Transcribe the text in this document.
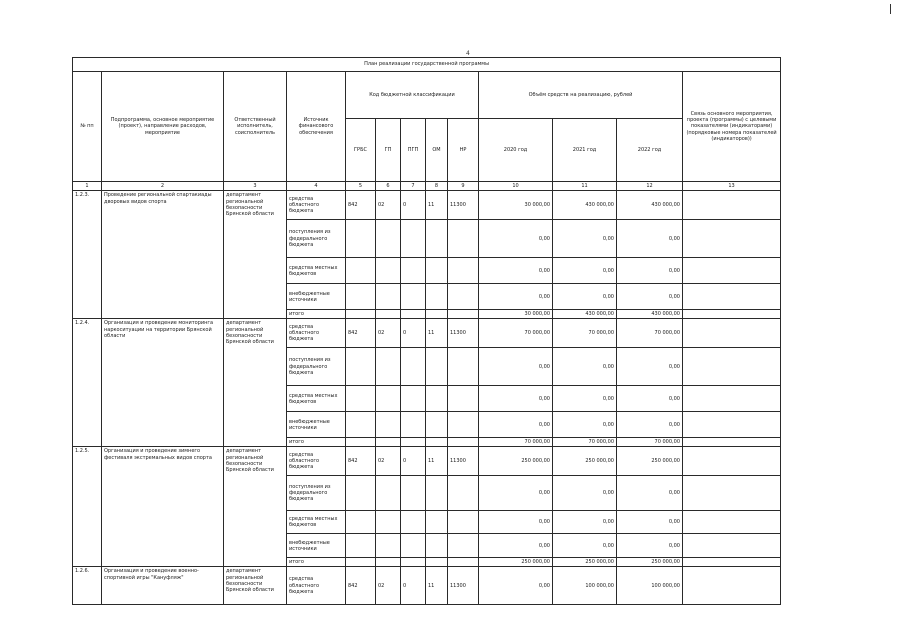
4
План реализации государственной программы												
№ пп	Подпрограмма, основное мероприятие (проект), направление расходов, мероприятие	Ответственный исполнитель, соисполнитель	Источник финансового обеспечения	Код бюджетной классификации					Объём средств на реализацию, рублей			Связь основного мероприятия, проекта (программы) с целевыми показателями (индикаторами) (порядковые номера показателей (индикаторов))
				ГРБС	ГП	ПГП	ОМ	НР	2020 год	2021 год	2022 год	
1	2	3	4	5	6	7	8	9	10	11	12	13
1.2.3.	Проведение региональной спартакиады дворовых видов спорта	департамент региональной безопасности Брянской области	средства областного бюджета	842	02	0	11	11300	30 000,00	430 000,00	430 000,00	
			поступления из федерального бюджета						0,00	0,00	0,00	
			средства местных бюджетов						0,00	0,00	0,00	
			внебюджетные источники						0,00	0,00	0,00	
			итого						30 000,00	430 000,00	430 000,00	
1.2.4.	Организация и проведение мониторинга наркоситуации на территории Брянской области	департамент региональной безопасности Брянской области	средства областного бюджета	842	02	0	11	11300	70 000,00	70 000,00	70 000,00	
			поступления из федерального бюджета						0,00	0,00	0,00	
			средства местных бюджетов						0,00	0,00	0,00	
			внебюджетные источники						0,00	0,00	0,00	
			итого						70 000,00	70 000,00	70 000,00	
1.2.5.	Организация и проведение зимнего фестиваля экстремальных видов спорта	департамент региональной безопасности Брянской области	средства областного бюджета	842	02	0	11	11300	250 000,00	250 000,00	250 000,00	
			поступления из федерального бюджета						0,00	0,00	0,00	
			средства местных бюджетов						0,00	0,00	0,00	
			внебюджетные источники						0,00	0,00	0,00	
			итого						250 000,00	250 000,00	250 000,00	
1.2.6.	Организация и проведение военно-спортивной игры "Кануфляж"	департамент региональной безопасности Брянской области	средства областного бюджета	842	02	0	11	11300	0,00	100 000,00	100 000,00	
